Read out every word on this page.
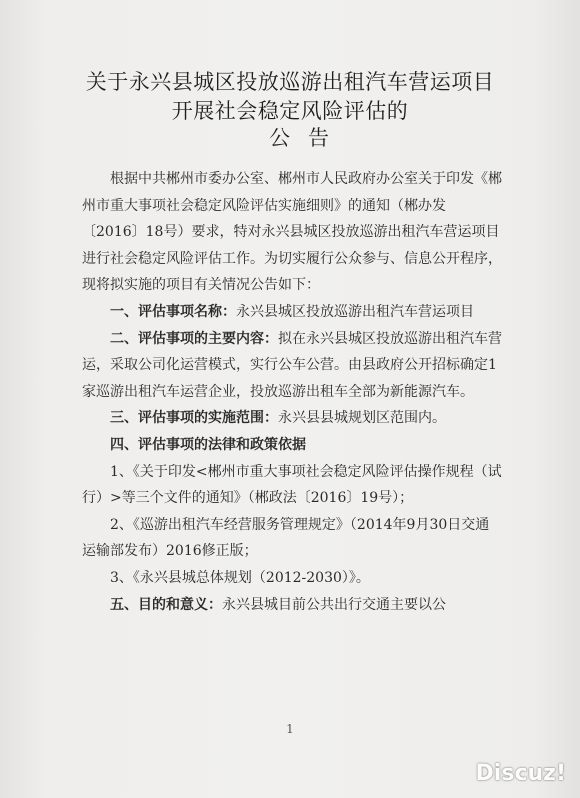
关于永兴县城区投放巡游出租汽车营运项目
开展社会稳定风险评估的
公告

根据中共郴州市委办公室、郴州市人民政府办公室关于印发《郴州市重大事项社会稳定风险评估实施细则》的通知（郴办发〔2016〕18号）要求，特对永兴县城区投放巡游出租汽车营运项目进行社会稳定风险评估工作。为切实履行公众参与、信息公开程序，现将拟实施的项目有关情况公告如下：

一、评估事项名称：永兴县城区投放巡游出租汽车营运项目

二、评估事项的主要内容：拟在永兴县城区投放巡游出租汽车营运，采取公司化运营模式，实行公车公营。由县政府公开招标确定1家巡游出租汽车运营企业，投放巡游出租车全部为新能源汽车。

三、评估事项的实施范围：永兴县县城规划区范围内。

四、评估事项的法律和政策依据

1、《关于印发<郴州市重大事项社会稳定风险评估操作规程（试行）>等三个文件的通知》（郴政法〔2016〕19号）；

2、《巡游出租汽车经营服务管理规定》（2014年9月30日交通运输部发布）2016修正版；

3、《永兴县城总体规划（2012-2030）》。

五、目的和意义：永兴县城目前公共出行交通主要以公

1
Discuz!
